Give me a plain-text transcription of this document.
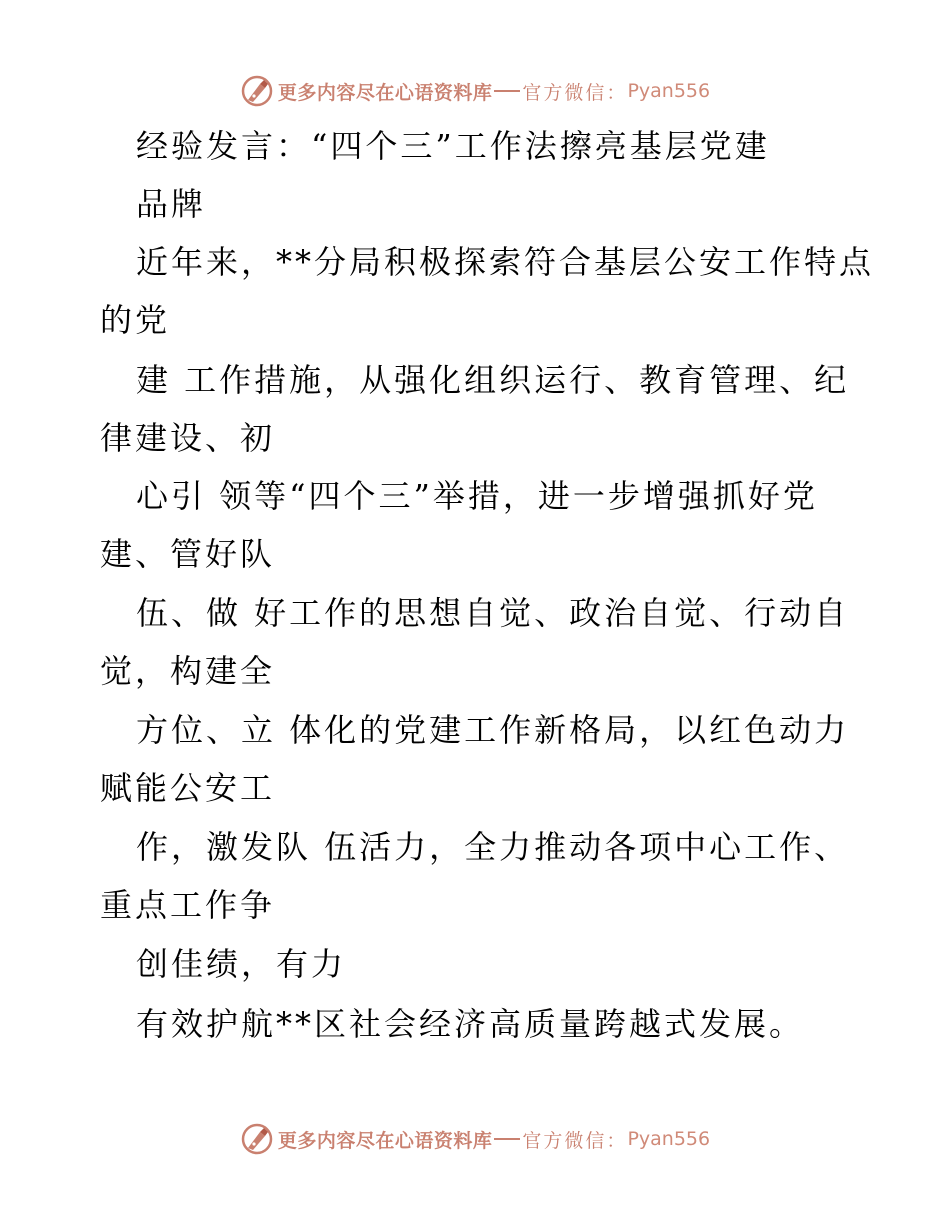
更多内容尽在心语资料库 官方微信： Pyan556
经验发言：“四个三”工作法擦亮基层党建
品牌
近年来，**分局积极探索符合基层公安工作特点
的党
建 工作措施，从强化组织运行、教育管理、纪
律建设、初
心引 领等“四个三”举措，进一步增强抓好党
建、管好队
伍、做 好工作的思想自觉、政治自觉、行动自
觉，构建全
方位、立 体化的党建工作新格局，以红色动力
赋能公安工
作，激发队 伍活力，全力推动各项中心工作、
重点工作争
创佳绩，有力
有效护航**区社会经济高质量跨越式发展。
更多内容尽在心语资料库 官方微信： Pyan556
